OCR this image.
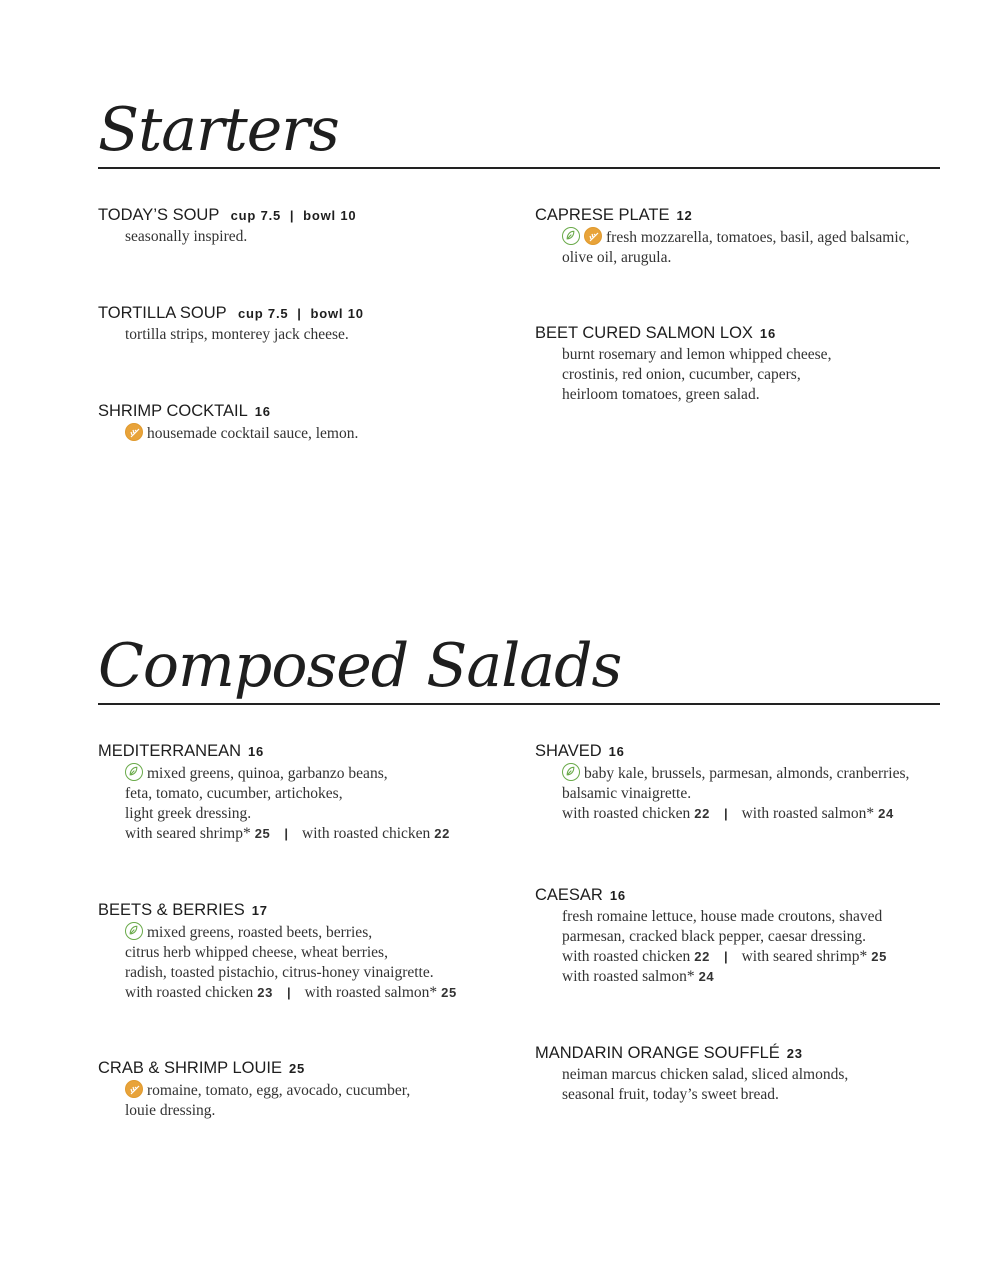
Starters
TODAY’S SOUP cup 7.5  |  bowl 10

seasonally inspired.

TORTILLA SOUP cup 7.5  |  bowl 10

tortilla strips, monterey jack cheese.

SHRIMP COCKTAIL 16

housemade cocktail sauce, lemon.

CAPRESE PLATE 12

fresh mozzarella, tomatoes, basil, aged balsamic,

olive oil, arugula.

BEET CURED SALMON LOX 16

burnt rosemary and lemon whipped cheese,

crostinis, red onion, cucumber, capers,

heirloom tomatoes, green salad.

Composed Salads
MEDITERRANEAN 16

mixed greens, quinoa, garbanzo beans,

feta, tomato, cucumber, artichokes,

light greek dressing.

with seared shrimp* 25 | with roasted chicken 22

BEETS & BERRIES 17

mixed greens, roasted beets, berries,

citrus herb whipped cheese, wheat berries,

radish, toasted pistachio, citrus-honey vinaigrette.

with roasted chicken 23 | with roasted salmon* 25

CRAB & SHRIMP LOUIE 25

romaine, tomato, egg, avocado, cucumber,

louie dressing.

SHAVED 16

baby kale, brussels, parmesan, almonds, cranberries,

balsamic vinaigrette.

with roasted chicken 22 | with roasted salmon* 24

CAESAR 16

fresh romaine lettuce, house made croutons, shaved

parmesan, cracked black pepper, caesar dressing.

with roasted chicken 22 | with seared shrimp* 25

with roasted salmon* 24

MANDARIN ORANGE SOUFFLÉ 23

neiman marcus chicken salad, sliced almonds,

seasonal fruit, today’s sweet bread.
